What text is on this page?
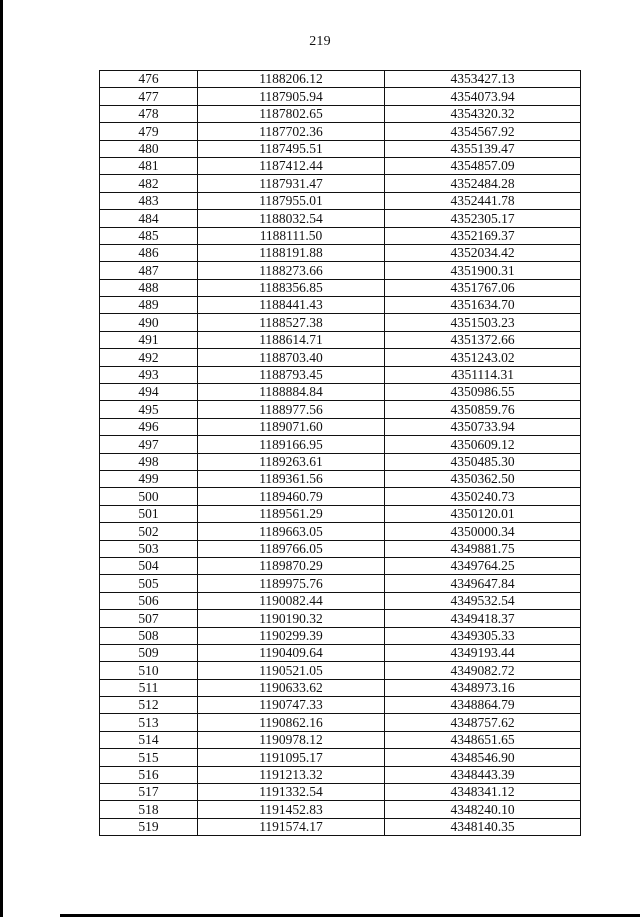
219
476	1188206.12	4353427.13
477	1187905.94	4354073.94
478	1187802.65	4354320.32
479	1187702.36	4354567.92
480	1187495.51	4355139.47
481	1187412.44	4354857.09
482	1187931.47	4352484.28
483	1187955.01	4352441.78
484	1188032.54	4352305.17
485	1188111.50	4352169.37
486	1188191.88	4352034.42
487	1188273.66	4351900.31
488	1188356.85	4351767.06
489	1188441.43	4351634.70
490	1188527.38	4351503.23
491	1188614.71	4351372.66
492	1188703.40	4351243.02
493	1188793.45	4351114.31
494	1188884.84	4350986.55
495	1188977.56	4350859.76
496	1189071.60	4350733.94
497	1189166.95	4350609.12
498	1189263.61	4350485.30
499	1189361.56	4350362.50
500	1189460.79	4350240.73
501	1189561.29	4350120.01
502	1189663.05	4350000.34
503	1189766.05	4349881.75
504	1189870.29	4349764.25
505	1189975.76	4349647.84
506	1190082.44	4349532.54
507	1190190.32	4349418.37
508	1190299.39	4349305.33
509	1190409.64	4349193.44
510	1190521.05	4349082.72
511	1190633.62	4348973.16
512	1190747.33	4348864.79
513	1190862.16	4348757.62
514	1190978.12	4348651.65
515	1191095.17	4348546.90
516	1191213.32	4348443.39
517	1191332.54	4348341.12
518	1191452.83	4348240.10
519	1191574.17	4348140.35
